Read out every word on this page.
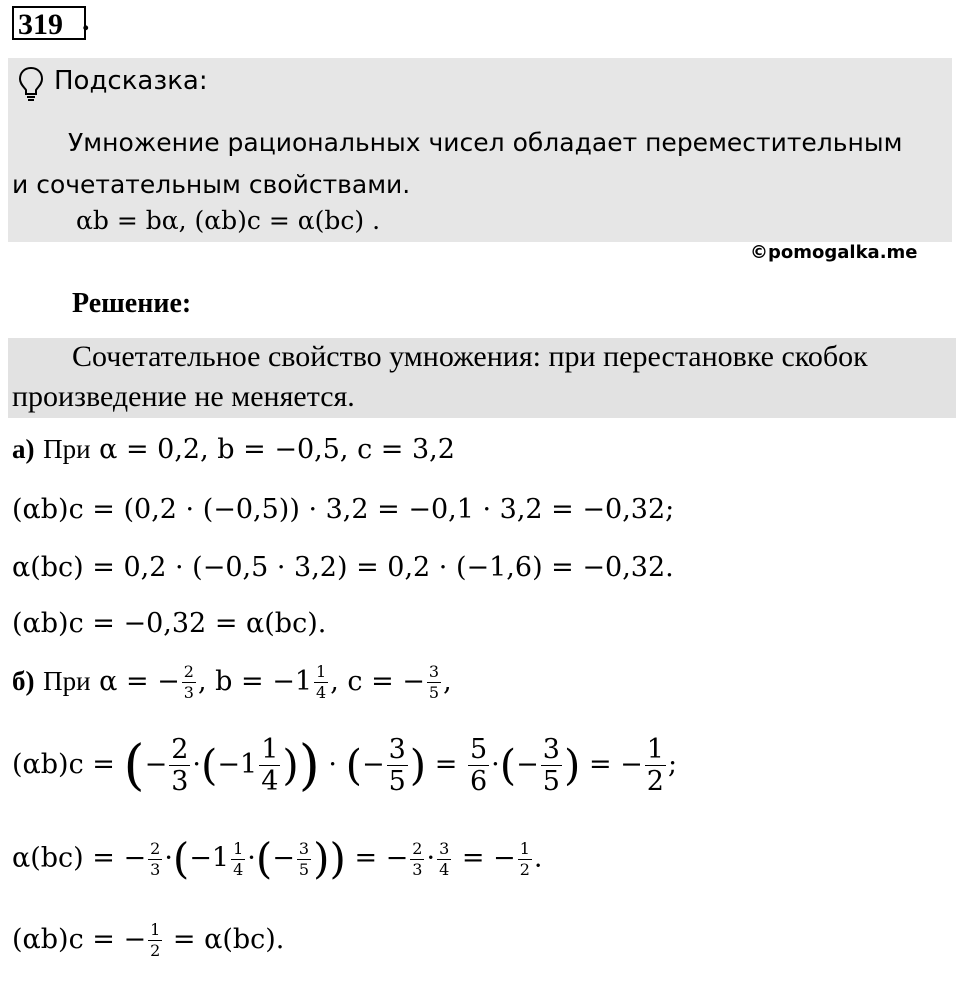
319 .
Подсказка:
Умножение рациональных чисел обладает переместительным
и сочетательным свойствами.
αb = bα, (αb)c = α(bc) .
©pomogalka.me
Решение:
Сочетательное свойство умножения: при перестановке скобок
произведение не меняется.
а) При α = 0,2, b = −0,5, c = 3,2
(αb)c = (0,2 · (−0,5)) · 3,2 = −0,1 · 3,2 = −0,32;
α(bc) = 0,2 · (−0,5 · 3,2) = 0,2 · (−1,6) = −0,32.
(αb)c = −0,32 = α(bc).
б) При α = − $\frac{2}{3}$ , $b = -1 \frac{1}{4}$ , c = − $\frac{3}{5}$ ,
(αb)c = (− $\frac{2}{3} \cdot(-1 \frac{1}{4}$ )) · (− $\frac{3}{5}$ ) = $\frac{5}{6}$ ·(− $\frac{3}{5}$ ) = − $\frac{1}{2}$ ;
α(bc) = − $\frac{2}{3} \cdot(-1 \frac{1}{4}$ ·(− $\frac{3}{5}$ )) = − $\frac{2}{3} \cdot \frac{3}{4}$ = − $\frac{1}{2}$ .
(αb)c = − $\frac{1}{2} = \alpha(bc)$.
